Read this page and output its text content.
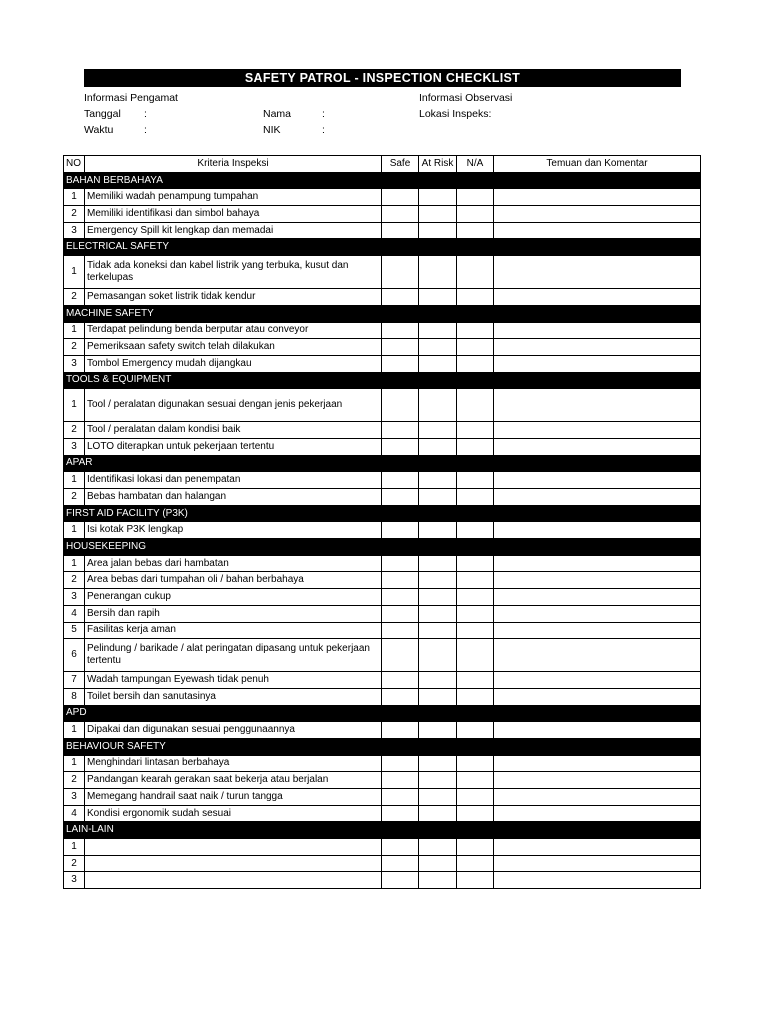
SAFETY PATROL - INSPECTION CHECKLIST
Informasi Pengamat	Informasi Observasi
Tanggal :	Nama	:	Lokasi Inspeks:
Waktu	:	NIK	:
NO	Kriteria Inspeksi	Safe	At Risk	N/A	Temuan dan Komentar
BAHAN BERBAHAYA					
1	Memiliki wadah penampung tumpahan				
2	Memiliki identifikasi dan simbol bahaya				
3	Emergency Spill kit lengkap dan memadai				
ELECTRICAL SAFETY					
1	Tidak ada koneksi dan kabel listrik yang terbuka, kusut dan terkelupas				
2	Pemasangan soket listrik tidak kendur				
MACHINE SAFETY					
1	Terdapat pelindung benda berputar atau conveyor				
2	Pemeriksaan safety switch telah dilakukan				
3	Tombol Emergency mudah dijangkau				
TOOLS & EQUIPMENT					
1	Tool / peralatan digunakan sesuai dengan jenis pekerjaan				
2	Tool / peralatan dalam kondisi baik				
3	LOTO diterapkan untuk pekerjaan tertentu				
APAR					
1	Identifikasi lokasi dan penempatan				
2	Bebas hambatan dan halangan				
FIRST AID FACILITY (P3K)					
1	Isi kotak P3K lengkap				
HOUSEKEEPING					
1	Area jalan bebas dari hambatan				
2	Area bebas dari tumpahan oli / bahan berbahaya				
3	Penerangan cukup				
4	Bersih dan rapih				
5	Fasilitas kerja aman				
6	Pelindung / barikade / alat peringatan dipasang untuk pekerjaan tertentu				
7	Wadah tampungan Eyewash tidak penuh				
8	Toilet bersih dan sanutasinya				
APD					
1	Dipakai dan digunakan sesuai penggunaannya				
BEHAVIOUR SAFETY					
1	Menghindari lintasan berbahaya				
2	Pandangan kearah gerakan saat bekerja atau berjalan				
3	Memegang handrail saat naik / turun tangga				
4	Kondisi ergonomik sudah sesuai				
LAIN-LAIN					
1					
2					
3					
